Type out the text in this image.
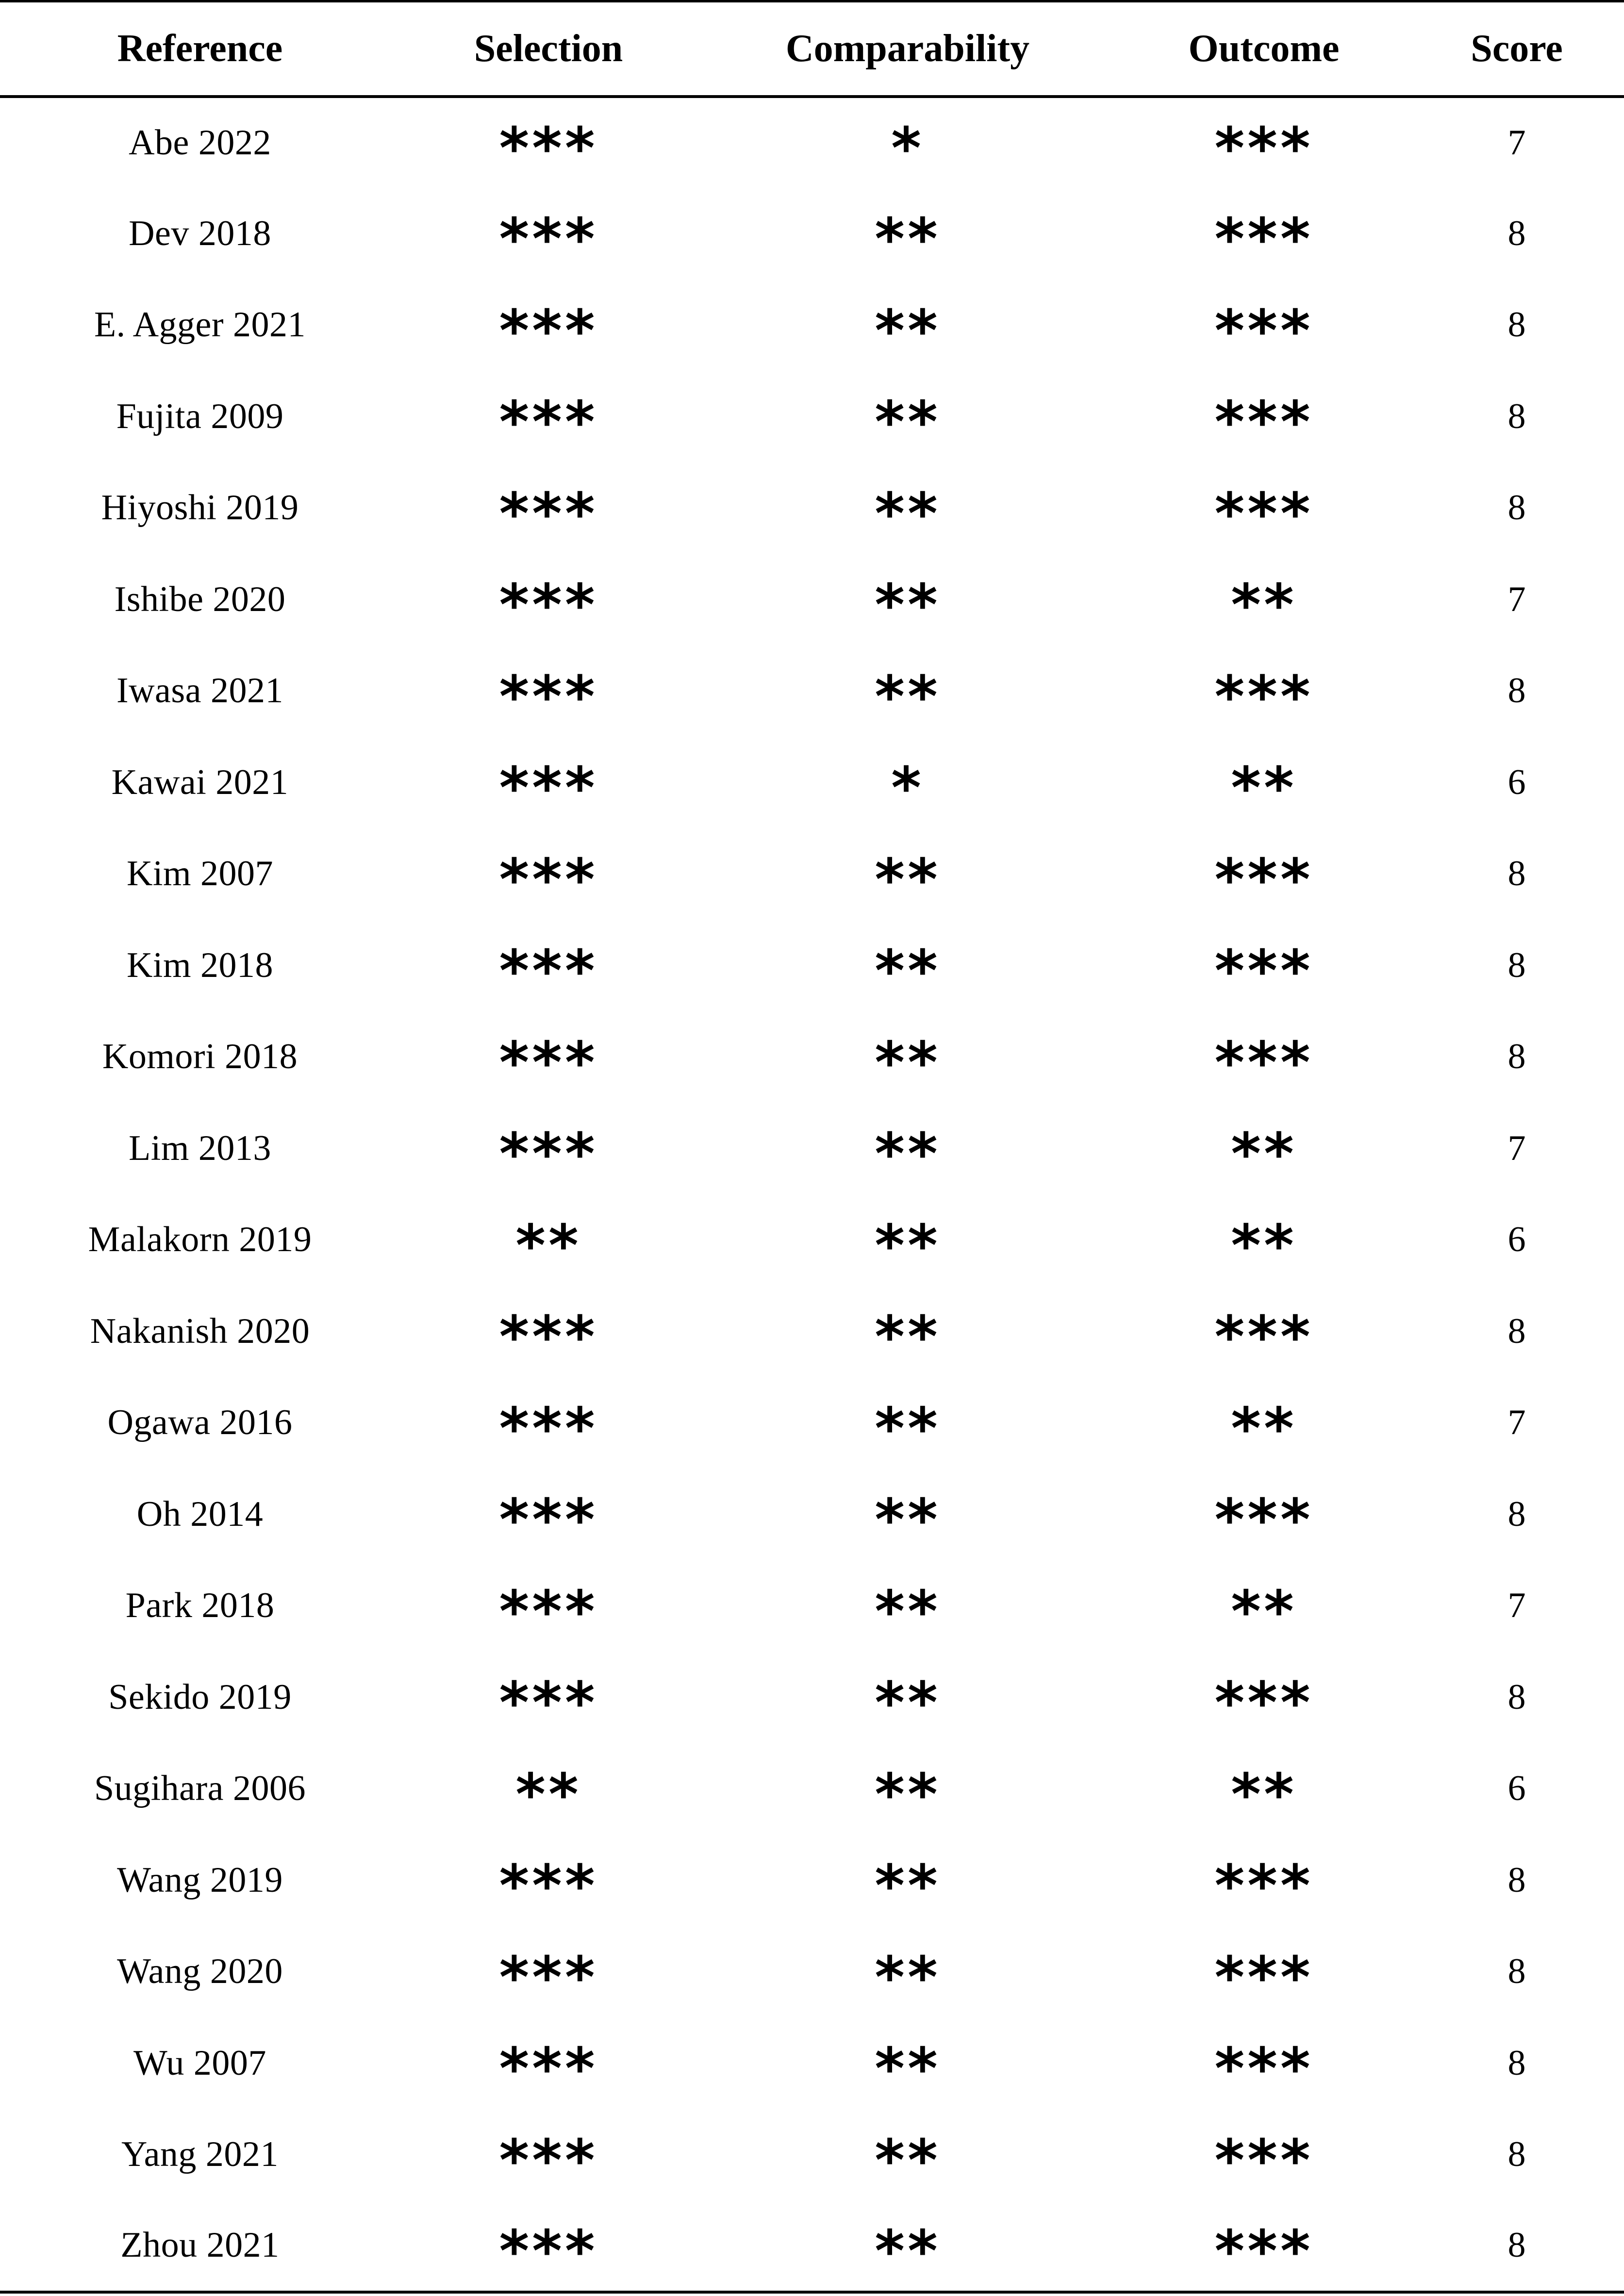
Reference	Selection	Comparability	Outcome	Score
Abe 2022	***	*	***	7
Dev 2018	***	**	***	8
E. Agger 2021	***	**	***	8
Fujita 2009	***	**	***	8
Hiyoshi 2019	***	**	***	8
Ishibe 2020	***	**	**	7
Iwasa 2021	***	**	***	8
Kawai 2021	***	*	**	6
Kim 2007	***	**	***	8
Kim 2018	***	**	***	8
Komori 2018	***	**	***	8
Lim 2013	***	**	**	7
Malakorn 2019	**	**	**	6
Nakanish 2020	***	**	***	8
Ogawa 2016	***	**	**	7
Oh 2014	***	**	***	8
Park 2018	***	**	**	7
Sekido 2019	***	**	***	8
Sugihara 2006	**	**	**	6
Wang 2019	***	**	***	8
Wang 2020	***	**	***	8
Wu 2007	***	**	***	8
Yang 2021	***	**	***	8
Zhou 2021	***	**	***	8
